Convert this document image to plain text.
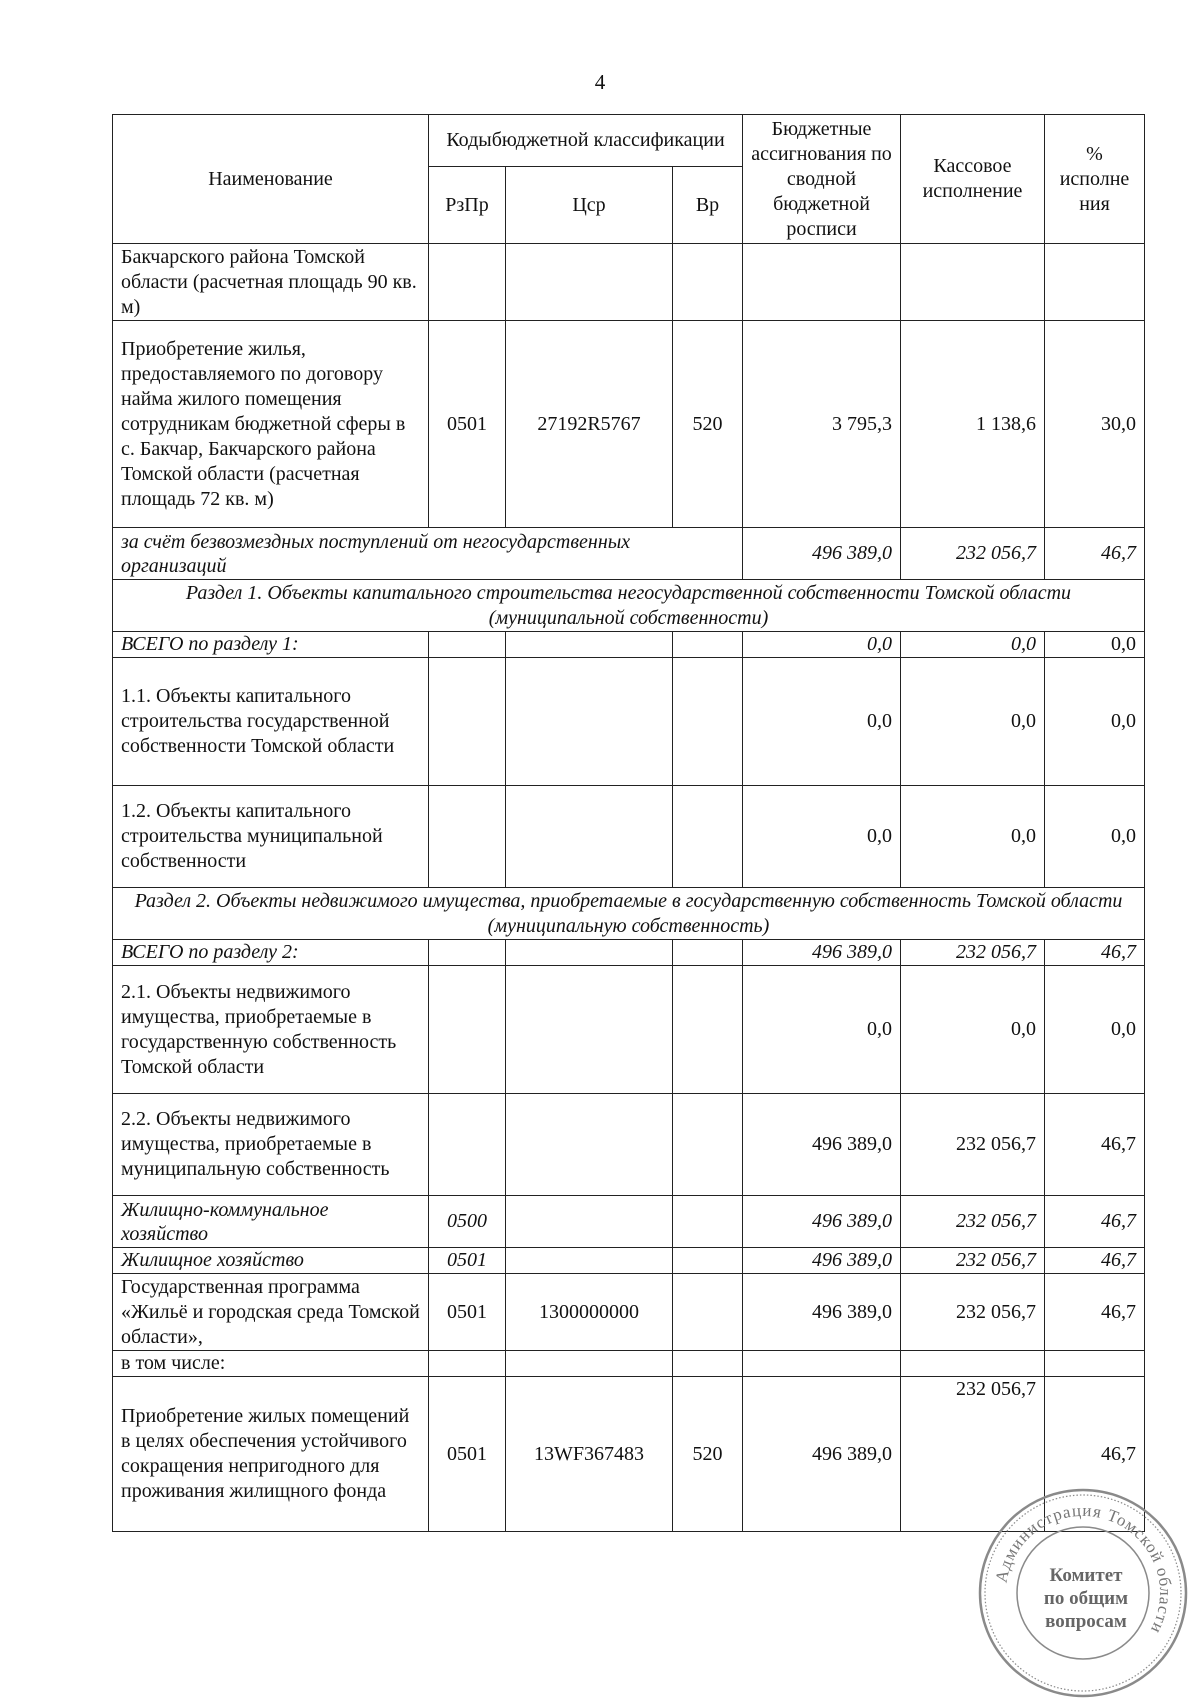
4
Наименование	Кодыбюджетной классификации			Бюджетные ассигнования по сводной бюджетной росписи	Кассовое исполнение	% исполне ния
	РзПр	Цср	Вр			
Бакчарского района Томской области (расчетная площадь 90 кв. м)						
Приобретение жилья, предоставляемого по договору найма жилого помещения сотрудникам бюджетной сферы в с. Бакчар, Бакчарского района Томской области (расчетная площадь 72 кв. м)	0501	27192R5767	520	3 795,3	1 138,6	30,0
за счёт безвозмездных поступлений от негосударственных организаций				496 389,0	232 056,7	46,7
Раздел 1. Объекты капитального строительства негосударственной собственности Томской области (муниципальной собственности)						
ВСЕГО по разделу 1:				0,0	0,0	0,0
1.1. Объекты капитального строительства государственной собственности Томской области				0,0	0,0	0,0
1.2. Объекты капитального строительства муниципальной собственности				0,0	0,0	0,0
Раздел 2. Объекты недвижимого имущества, приобретаемые в государственную собственность Томской области (муниципальную собственность)						
ВСЕГО по разделу 2:				496 389,0	232 056,7	46,7
2.1. Объекты недвижимого имущества, приобретаемые в государственную собственность Томской области				0,0	0,0	0,0
2.2. Объекты недвижимого имущества, приобретаемые в муниципальную собственность				496 389,0	232 056,7	46,7
Жилищно-коммунальное хозяйство	0500			496 389,0	232 056,7	46,7
Жилищное хозяйство	0501			496 389,0	232 056,7	46,7
Государственная программа «Жильё и городская среда Томской области»,	0501	1300000000		496 389,0	232 056,7	46,7
в том числе:						
Приобретение жилых помещений в целях обеспечения устойчивого сокращения непригодного для проживания жилищного фонда	0501	13WF367483	520	496 389,0	232 056,7	46,7
Администрация Томской области
Комитет
по общим
вопросам
